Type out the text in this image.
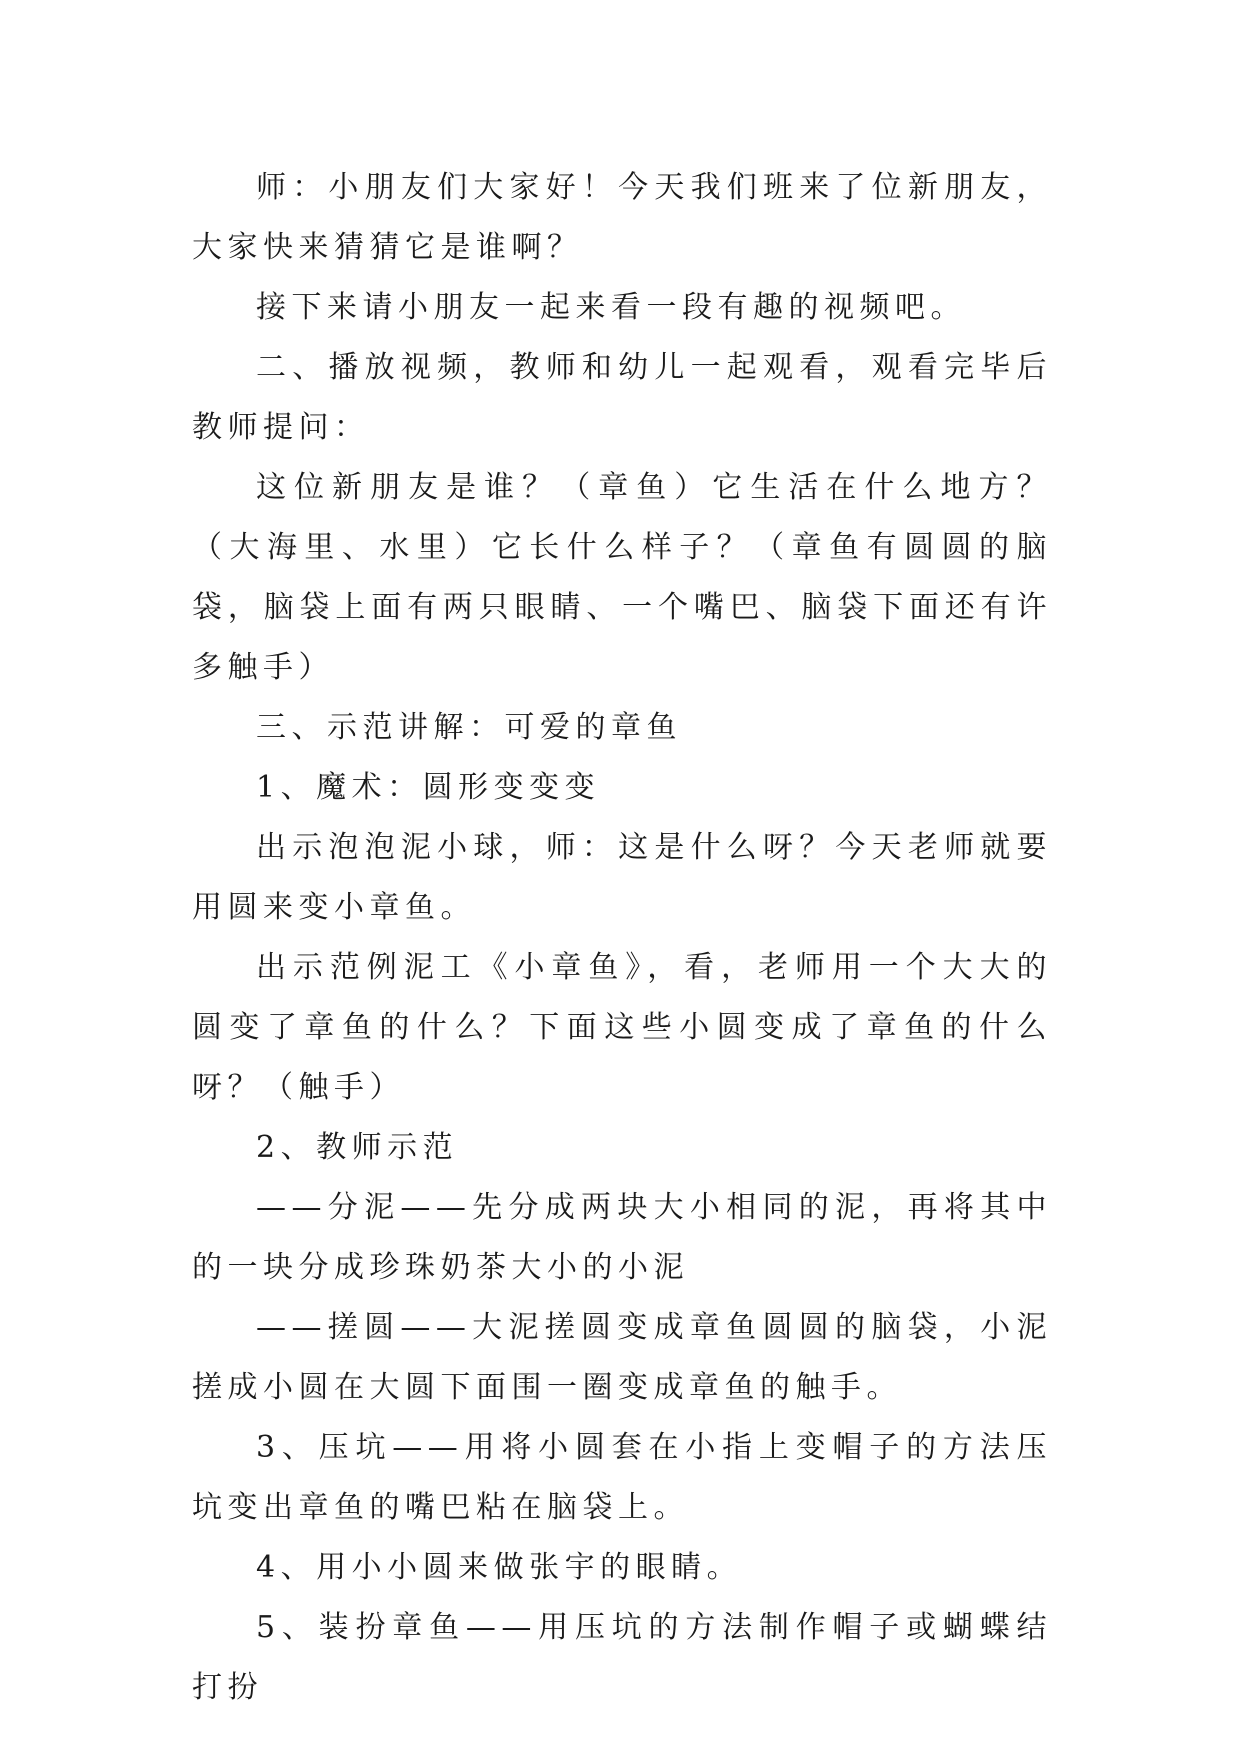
师：小朋友们大家好！今天我们班来了位新朋友，大家快来猜猜它是谁啊？

接下来请小朋友一起来看一段有趣的视频吧。

二、播放视频，教师和幼儿一起观看，观看完毕后教师提问：

这位新朋友是谁？（章鱼）它生活在什么地方？（大海里、水里）它长什么样子？（章鱼有圆圆的脑袋，脑袋上面有两只眼睛、一个嘴巴、脑袋下面还有许多触手）

三、示范讲解：可爱的章鱼

1、魔术：圆形变变变

出示泡泡泥小球，师：这是什么呀？今天老师就要用圆来变小章鱼。

出示范例泥工《小章鱼》，看，老师用一个大大的圆变了章鱼的什么？下面这些小圆变成了章鱼的什么呀？（触手）

2、教师示范

——分泥——先分成两块大小相同的泥，再将其中的一块分成珍珠奶茶大小的小泥

——搓圆——大泥搓圆变成章鱼圆圆的脑袋，小泥搓成小圆在大圆下面围一圈变成章鱼的触手。

3、压坑——用将小圆套在小指上变帽子的方法压坑变出章鱼的嘴巴粘在脑袋上。

4、用小小圆来做张宇的眼睛。

5、装扮章鱼——用压坑的方法制作帽子或蝴蝶结打扮
